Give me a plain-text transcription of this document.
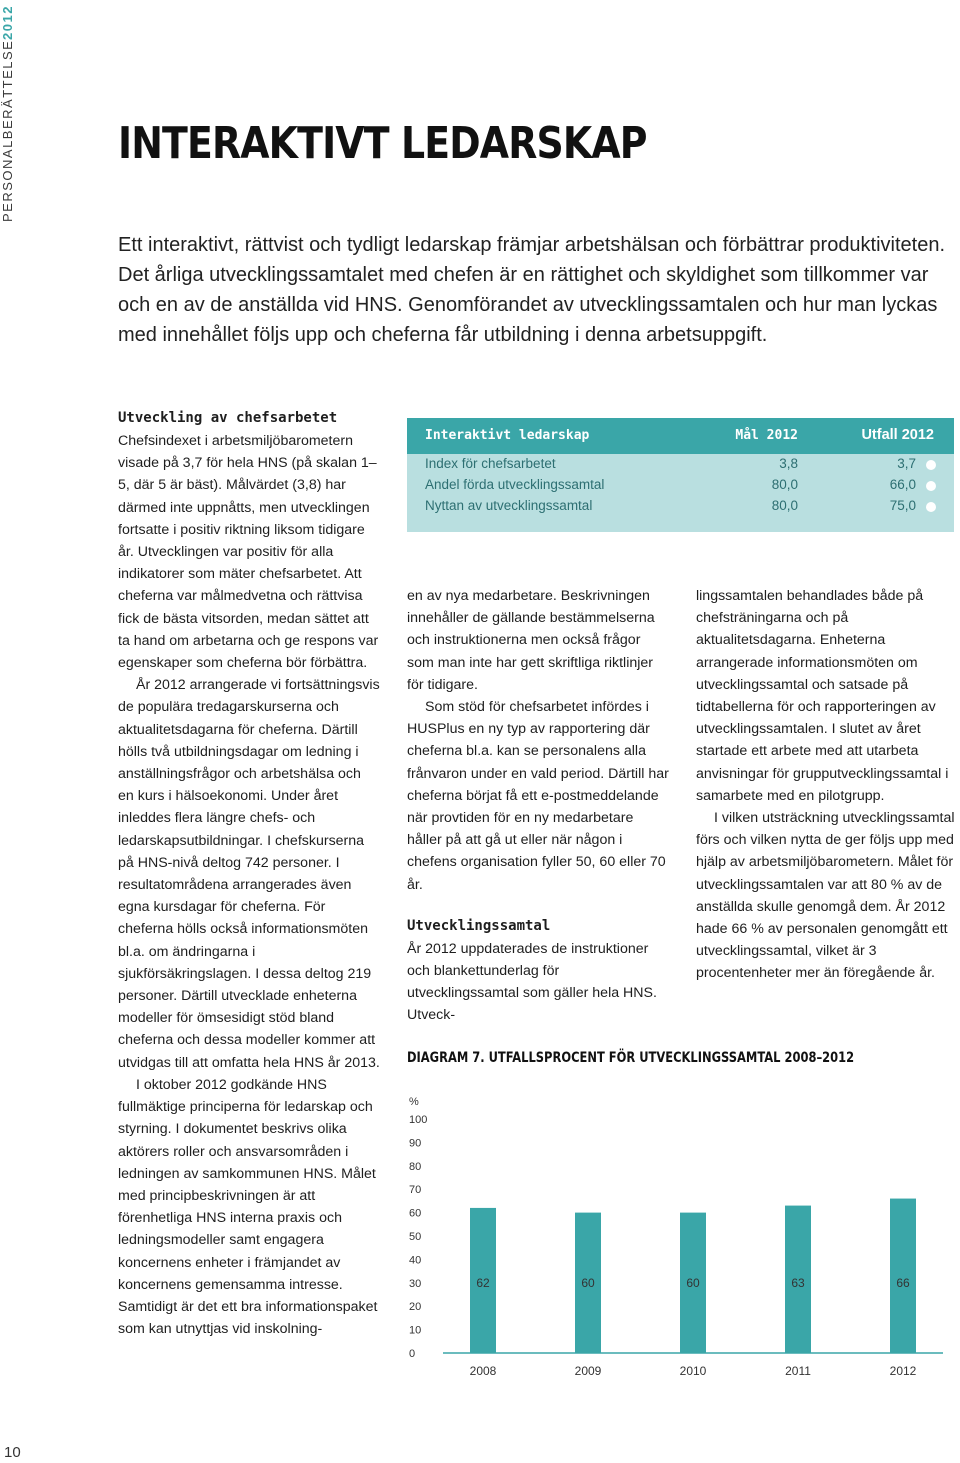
PERSONALBERÄTTELSE2012
INTERAKTIVT LEDARSKAP

Ett interaktivt, rättvist och tydligt ledarskap främjar arbetshälsan och förbättrar produktiviteten. Det årliga utvecklingssamtalet med chefen är en rättighet och skyldighet som tillkommer var och en av de anställda vid HNS. Genomförandet av utvecklingssamtalen och hur man lyckas med innehållet följs upp och cheferna får utbildning i denna arbetsuppgift.

Utveckling av chefsarbetet

Chefsindexet i arbetsmiljöbarometern visade på 3,7 för hela HNS (på skalan 1–5, där 5 är bäst). Målvärdet (3,8) har därmed inte uppnåtts, men utvecklingen fortsatte i positiv riktning liksom tidigare år. Utvecklingen var positiv för alla indikatorer som mäter chefsarbetet. Att cheferna var målmedvetna och rättvisa fick de bästa vitsorden, medan sättet att ta hand om arbetarna och ge respons var egenskaper som cheferna bör förbättra.

År 2012 arrangerade vi fortsättningsvis de populära tredagarskurserna och aktualitetsdagarna för cheferna. Därtill hölls två utbildningsdagar om ledning i anställningsfrågor och arbetshälsa och en kurs i hälsoekonomi. Under året inleddes flera längre chefs- och ledarskapsutbildningar. I chefskurserna på HNS-nivå deltog 742 personer. I resultatområdena arrangerades även egna kursdagar för cheferna. För cheferna hölls också informationsmöten bl.a. om ändringarna i sjukförsäkringslagen. I dessa deltog 219 personer. Därtill utvecklade enheterna modeller för ömsesidigt stöd bland cheferna och dessa modeller kommer att utvidgas till att omfatta hela HNS år 2013.

I oktober 2012 godkände HNS fullmäktige principerna för ledarskap och styrning. I dokumentet beskrivs olika aktörers roller och ansvarsområden i ledningen av samkommunen HNS. Målet med principbeskrivningen är att förenhetliga HNS interna praxis och ledningsmodeller samt engagera koncernens enheter i främjandet av koncernens gemensamma intresse. Samtidigt är det ett bra informationspaket som kan utnyttjas vid inskolning-

Interaktivt ledarskap	Mål 2012	Utfall 2012
Index för chefsarbetet	3,8	3,7
Andel förda utvecklingssamtal	80,0	66,0
Nyttan av utvecklingssamtal	80,0	75,0

en av nya medarbetare. Beskrivningen innehåller de gällande bestämmelserna och instruktionerna men också frågor som man inte har gett skriftliga riktlinjer för tidigare.

Som stöd för chefsarbetet infördes i HUSPlus en ny typ av rapportering där cheferna bl.a. kan se personalens alla frånvaron under en vald period. Därtill har cheferna börjat få ett e-postmeddelande när provtiden för en ny medarbetare håller på att gå ut eller när någon i chefens organisation fyller 50, 60 eller 70 år.

Utvecklingssamtal

År 2012 uppdaterades de instruktioner och blankettunderlag för utvecklingssamtal som gäller hela HNS. Utveck-

lingssamtalen behandlades både på chefsträningarna och på aktualitetsdagarna. Enheterna arrangerade informationsmöten om utvecklingssamtal och satsade på tidtabellerna för och rapporteringen av utvecklingssamtalen. I slutet av året startade ett arbete med att utarbeta anvisningar för grupputvecklingssamtal i samarbete med en pilotgrupp.

I vilken utsträckning utvecklingssamtal förs och vilken nytta de ger följs upp med hjälp av arbetsmiljöbarometern. Målet för utvecklingssamtalen var att 80 % av de anställda skulle genomgå dem. År 2012 hade 66 % av personalen genomgått ett utvecklingssamtal, vilket är 3 procentenheter mer än föregående år.

DIAGRAM 7. UTFALLSPROCENT FÖR UTVECKLINGSSAMTAL 2008–2012
%
0
10
20
30
40
50
60
70
80
90
100
62
2008
60
2009
60
2010
63
2011
66
2012
10
